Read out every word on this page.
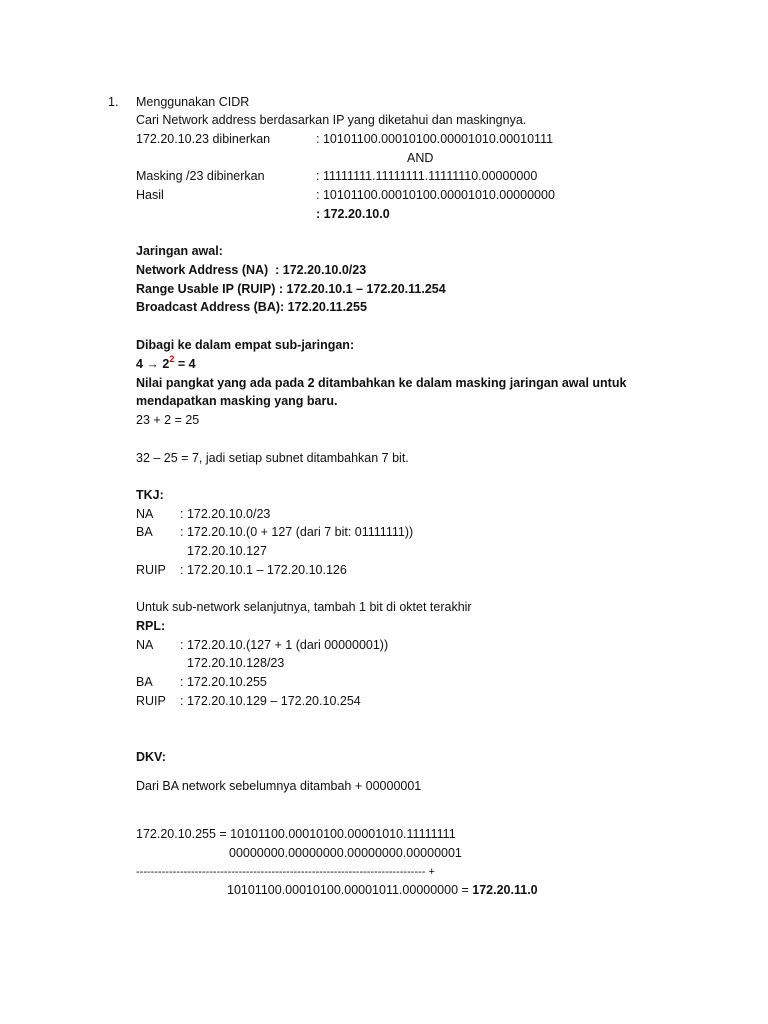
1. Menggunakan CIDR
Cari Network address berdasarkan IP yang diketahui dan maskingnya.
172.20.10.23 dibinerkan	: 10101100.00010100.00001010.00010111
AND
Masking /23 dibinerkan	: 11111111.11111111.11111110.00000000
Hasil	: 10101100.00010100.00001010.00000000
: 172.20.10.0
Jaringan awal:
Network Address (NA)  : 172.20.10.0/23
Range Usable IP (RUIP) : 172.20.10.1 – 172.20.11.254
Broadcast Address (BA): 172.20.11.255
Dibagi ke dalam empat sub-jaringan:
$4 \to 2^2 = 4$
Nilai pangkat yang ada pada 2 ditambahkan ke dalam masking jaringan awal untuk
mendapatkan masking yang baru.
23 + 2 = 25
32 – 25 = 7, jadi setiap subnet ditambahkan 7 bit.
TKJ:
NA : 172.20.10.0/23
BA : 172.20.10.(0 + 127 (dari 7 bit: 01111111))
172.20.10.127
RUIP : 172.20.10.1 – 172.20.10.126
Untuk sub-network selanjutnya, tambah 1 bit di oktet terakhir
RPL:
NA : 172.20.10.(127 + 1 (dari 00000001))
172.20.10.128/23
BA : 172.20.10.255
RUIP : 172.20.10.129 – 172.20.10.254
DKV:
Dari BA network sebelumnya ditambah + 00000001
172.20.10.255 = 10101100.00010100.00001010.11111111
00000000.00000000.00000000.00000001
------------------------------------------------------------------------------- +
10101100.00010100.00001011.00000000 = 172.20.11.0
